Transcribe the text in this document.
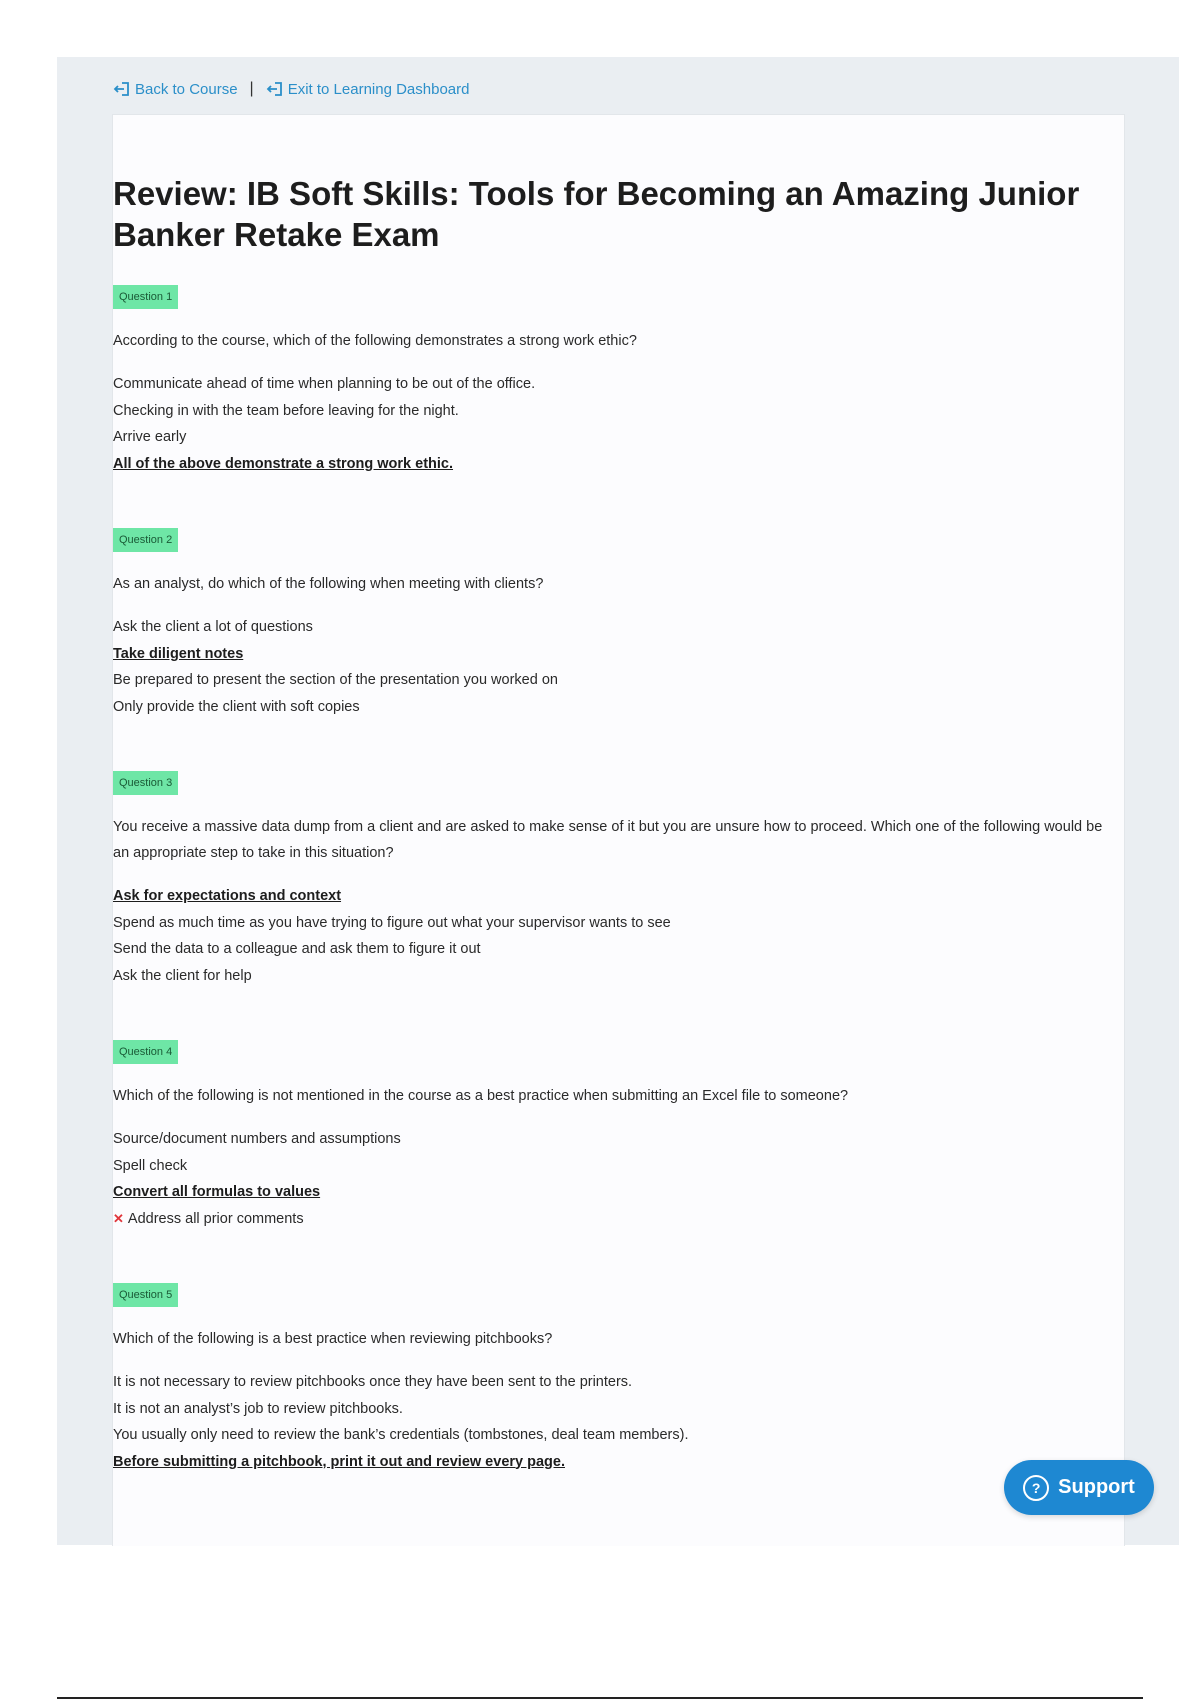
Back to Course | Exit to Learning Dashboard
Review: IB Soft Skills: Tools for Becoming an Amazing Junior Banker Retake Exam
Question 1
According to the course, which of the following demonstrates a strong work ethic?
Communicate ahead of time when planning to be out of the office.
Checking in with the team before leaving for the night.
Arrive early
All of the above demonstrate a strong work ethic.
Question 2
As an analyst, do which of the following when meeting with clients?
Ask the client a lot of questions
Take diligent notes
Be prepared to present the section of the presentation you worked on
Only provide the client with soft copies
Question 3
You receive a massive data dump from a client and are asked to make sense of it but you are unsure how to proceed. Which one of the following would be an appropriate step to take in this situation?
Ask for expectations and context
Spend as much time as you have trying to figure out what your supervisor wants to see
Send the data to a colleague and ask them to figure it out
Ask the client for help
Question 4
Which of the following is not mentioned in the course as a best practice when submitting an Excel file to someone?
Source/document numbers and assumptions
Spell check
Convert all formulas to values
✕ Address all prior comments
Question 5
Which of the following is a best practice when reviewing pitchbooks?
It is not necessary to review pitchbooks once they have been sent to the printers.
It is not an analyst’s job to review pitchbooks.
You usually only need to review the bank’s credentials (tombstones, deal team members).
Before submitting a pitchbook, print it out and review every page.
? Support
